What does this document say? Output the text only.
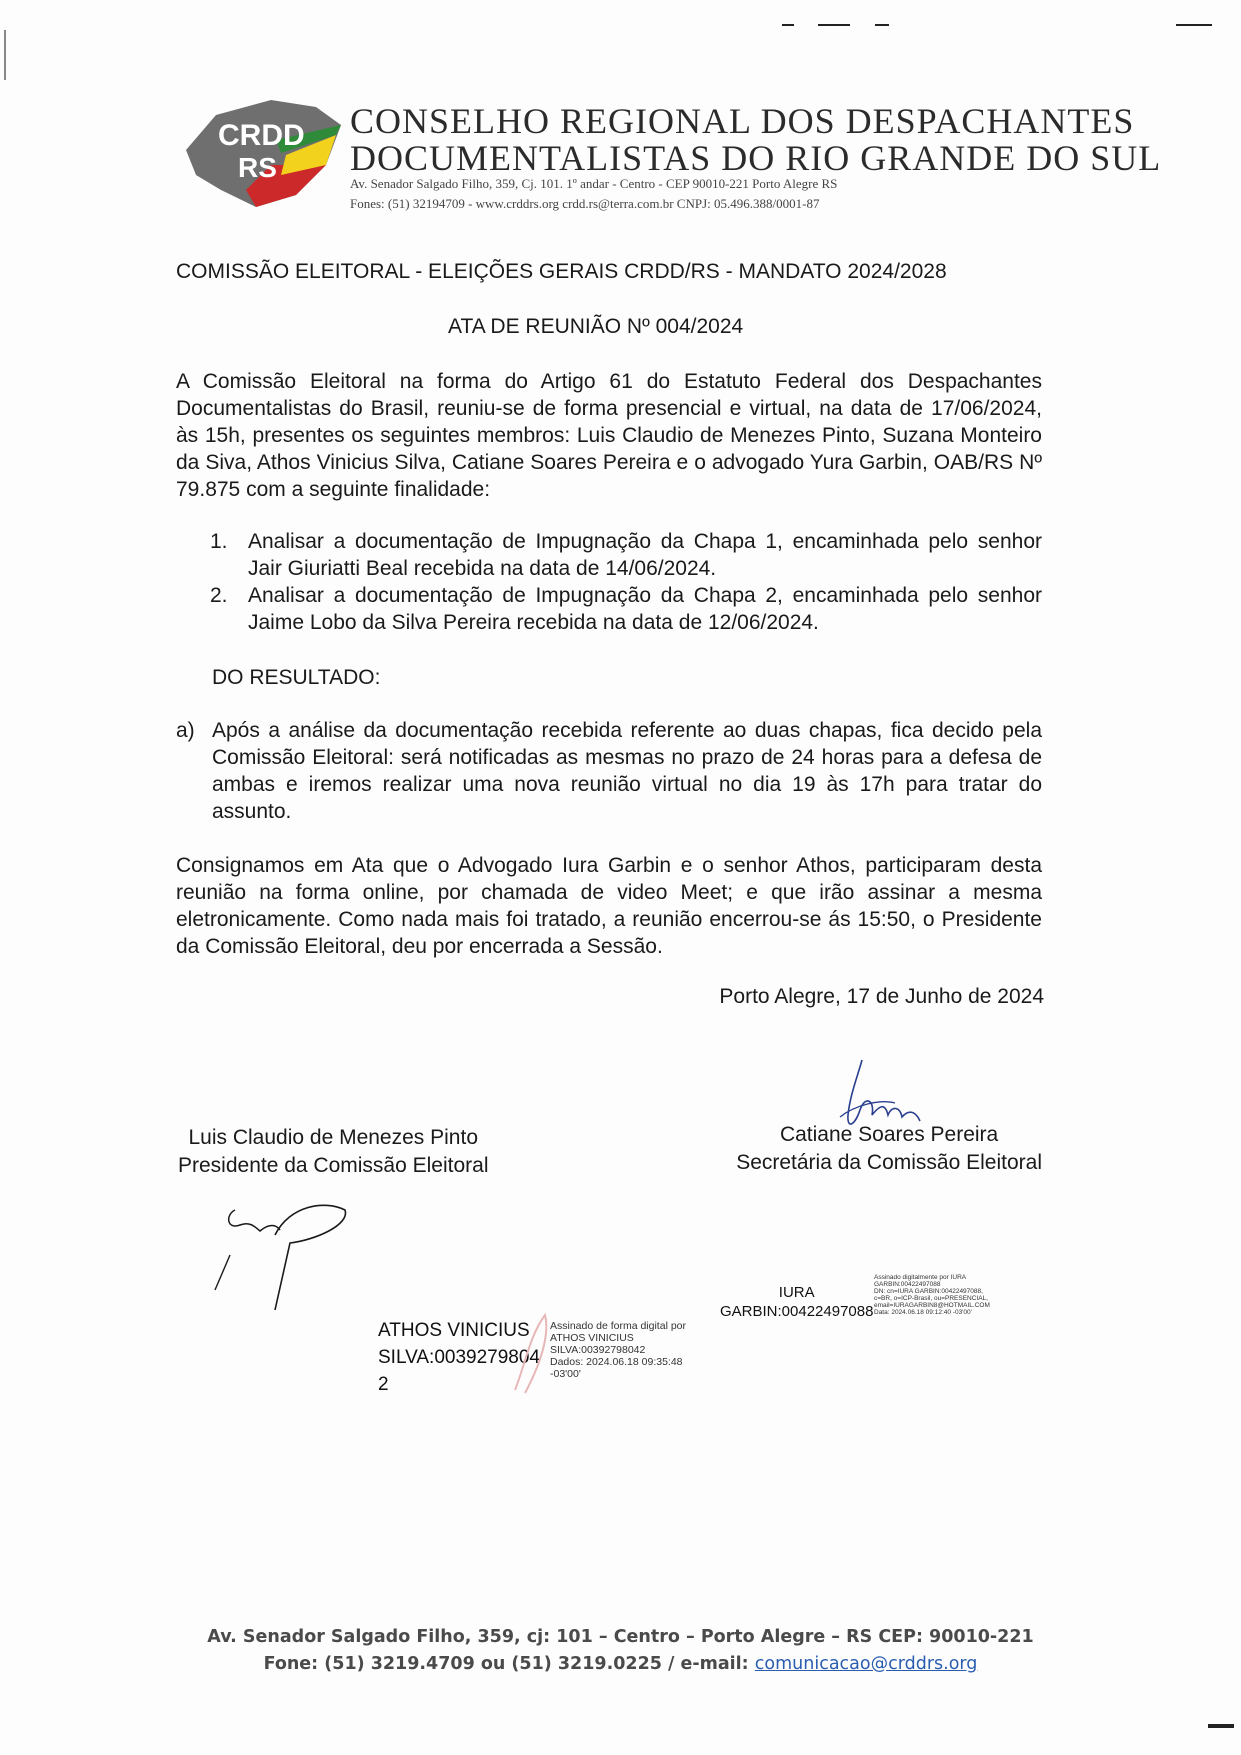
CRDD
RS
CONSELHO REGIONAL DOS DESPACHANTES
DOCUMENTALISTAS DO RIO GRANDE DO SUL
Av. Senador Salgado Filho, 359, Cj. 101. 1º andar - Centro - CEP 90010-221 Porto Alegre RS
Fones: (51) 32194709 - www.crddrs.org crdd.rs@terra.com.br CNPJ: 05.496.388/0001-87
COMISSÃO ELEITORAL - ELEIÇÕES GERAIS CRDD/RS - MANDATO 2024/2028
ATA DE REUNIÃO Nº 004/2024
A Comissão Eleitoral na forma do Artigo 61 do Estatuto Federal dos Despachantes Documentalistas do Brasil, reuniu-se de forma presencial e virtual, na data de 17/06/2024, às 15h, presentes os seguintes membros: Luis Claudio de Menezes Pinto, Suzana Monteiro da Siva, Athos Vinicius Silva, Catiane Soares Pereira e o advogado Yura Garbin, OAB/RS Nº 79.875 com a seguinte finalidade:
1. Analisar a documentação de Impugnação da Chapa 1, encaminhada pelo senhor Jair Giuriatti Beal recebida na data de 14/06/2024.
2. Analisar a documentação de Impugnação da Chapa 2, encaminhada pelo senhor Jaime Lobo da Silva Pereira recebida na data de 12/06/2024.
DO RESULTADO:
a) Após a análise da documentação recebida referente ao duas chapas, fica decido pela Comissão Eleitoral: será notificadas as mesmas no prazo de 24 horas para a defesa de ambas e iremos realizar uma nova reunião virtual no dia 19 às 17h para tratar do assunto.
Consignamos em Ata que o Advogado Iura Garbin e o senhor Athos, participaram desta reunião na forma online, por chamada de video Meet; e que irão assinar a mesma eletronicamente. Como nada mais foi tratado, a reunião encerrou-se ás 15:50, o Presidente da Comissão Eleitoral, deu por encerrada a Sessão.
Porto Alegre, 17 de Junho de 2024
Luis Claudio de Menezes Pinto
Presidente da Comissão Eleitoral
Catiane Soares Pereira
Secretária da Comissão Eleitoral
ATHOS VINICIUS
SILVA:0039279804
2
Assinado de forma digital por
ATHOS VINICIUS
SILVA:00392798042
Dados: 2024.06.18 09:35:48
-03'00'
IURA
GARBIN:00422497088
Assinado digitalmente por IURA
GARBIN:00422497088
DN: cn=IURA GARBIN:00422497088,
c=BR, o=ICP-Brasil, ou=PRESENCIAL,
email=IURAGARBIN8@HOTMAIL.COM
Data: 2024.06.18 09:12:40 -03'00'
Av. Senador Salgado Filho, 359, cj: 101 – Centro – Porto Alegre – RS CEP: 90010-221
Fone: (51) 3219.4709 ou (51) 3219.0225 / e-mail: comunicacao@crddrs.org
